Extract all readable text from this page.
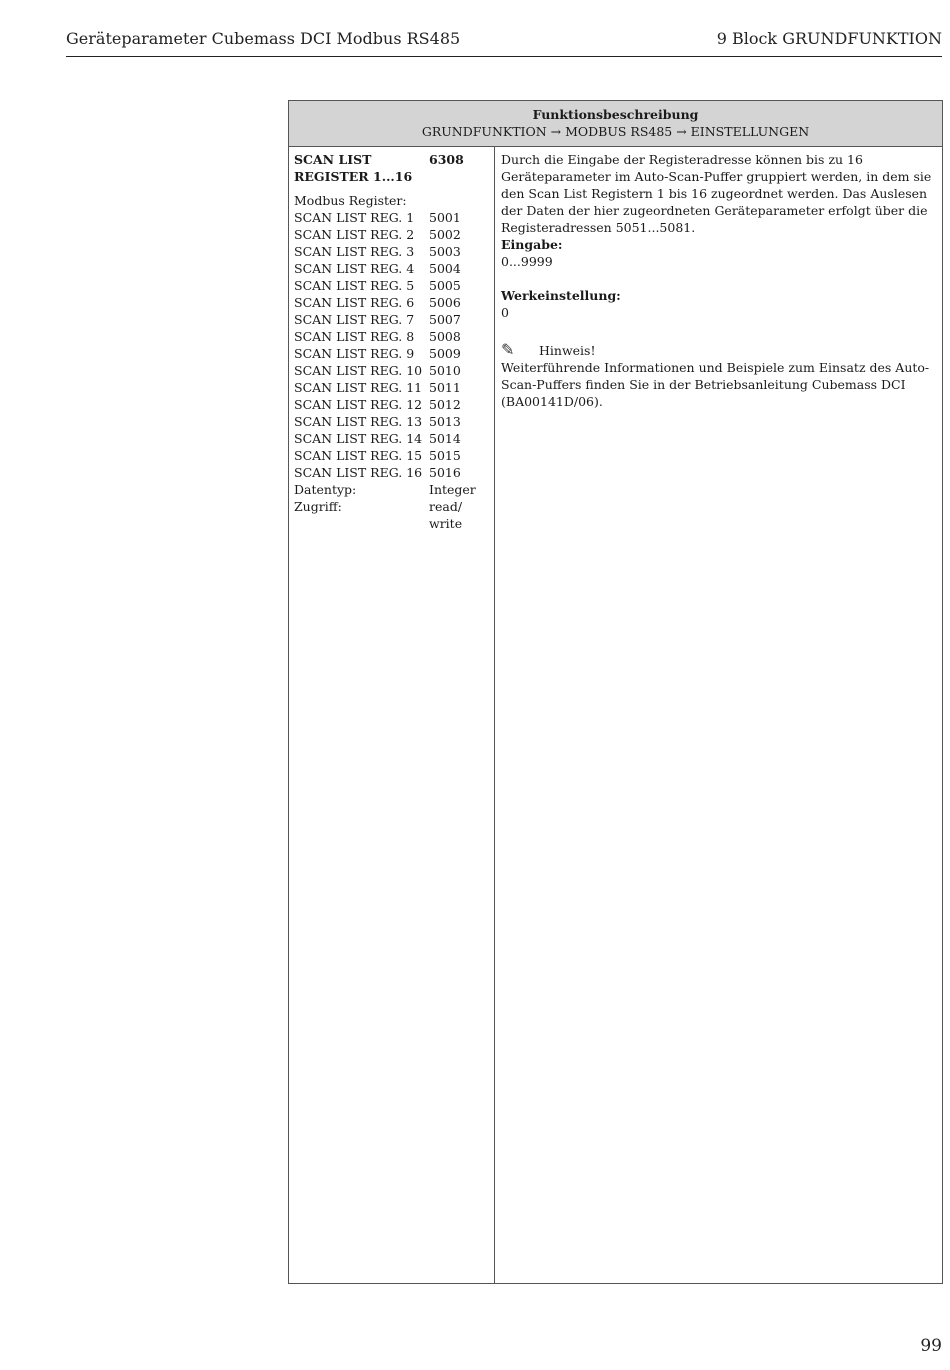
Geräteparameter Cubemass DCI Modbus RS485	9 Block GRUNDFUNKTION
Funktionsbeschreibung
GRUNDFUNKTION → MODBUS RS485 → EINSTELLUNGEN
SCAN LIST
REGISTER 1...16
6308
Modbus Register:
SCAN LIST REG. 1 5001
SCAN LIST REG. 2 5002
SCAN LIST REG. 3 5003
SCAN LIST REG. 4 5004
SCAN LIST REG. 5 5005
SCAN LIST REG. 6 5006
SCAN LIST REG. 7 5007
SCAN LIST REG. 8 5008
SCAN LIST REG. 9 5009
SCAN LIST REG. 10 5010
SCAN LIST REG. 11 5011
SCAN LIST REG. 12 5012
SCAN LIST REG. 13 5013
SCAN LIST REG. 14 5014
SCAN LIST REG. 15 5015
SCAN LIST REG. 16 5016
Datentyp:	Integer
Zugriff:	read/
write
Durch die Eingabe der Registeradresse können bis zu 16 Geräteparameter im Auto-Scan-Puffer gruppiert werden, in dem sie den Scan List Registern 1 bis 16 zugeordnet werden. Das Auslesen der Daten der hier zugeordneten Geräteparameter erfolgt über die Registeradressen 5051...5081.
Eingabe:
0...9999
Werkeinstellung:
0
✎ Hinweis!
Weiterführende Informationen und Beispiele zum Einsatz des Auto-Scan-Puffers finden Sie in der Betriebsanleitung Cubemass DCI (BA00141D/06).
99
